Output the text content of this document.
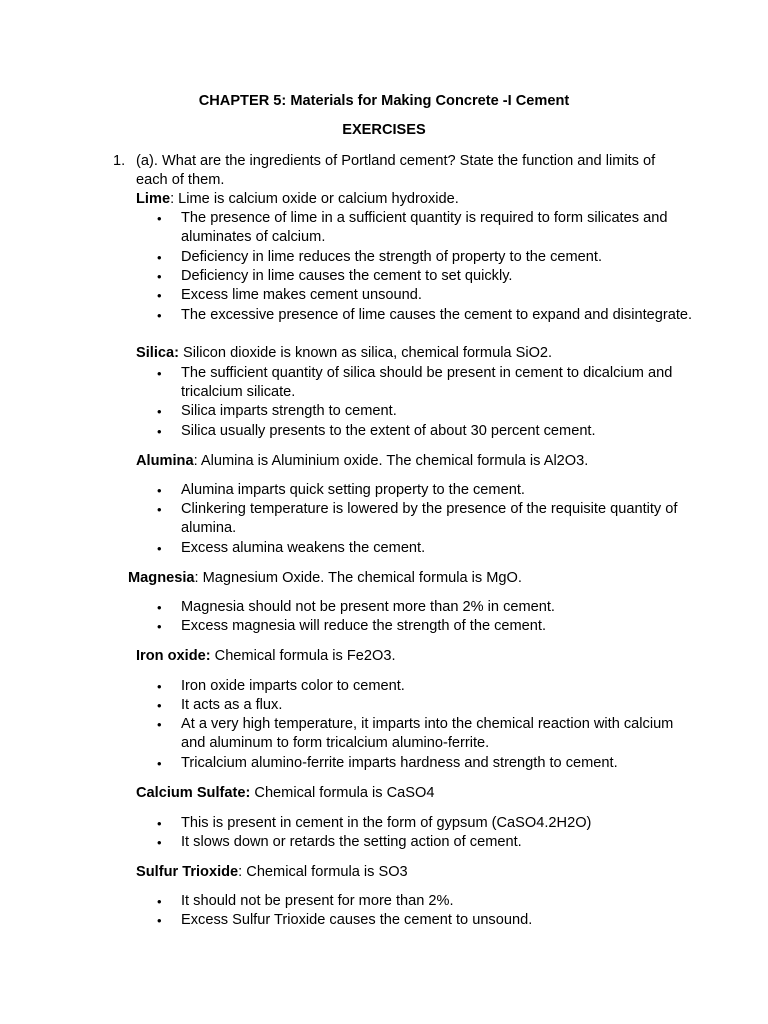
CHAPTER 5: Materials for Making Concrete -I Cement
EXERCISES
1. (a). What are the ingredients of Portland cement? State the function and limits of
each of them.
Lime: Lime is calcium oxide or calcium hydroxide.
• The presence of lime in a sufficient quantity is required to form silicates and aluminates of calcium.
• Deficiency in lime reduces the strength of property to the cement.
• Deficiency in lime causes the cement to set quickly.
• Excess lime makes cement unsound.
• The excessive presence of lime causes the cement to expand and disintegrate.
Silica: Silicon dioxide is known as silica, chemical formula SiO2.
• The sufficient quantity of silica should be present in cement to dicalcium and tricalcium silicate.
• Silica imparts strength to cement.
• Silica usually presents to the extent of about 30 percent cement.
Alumina: Alumina is Aluminium oxide. The chemical formula is Al2O3.
• Alumina imparts quick setting property to the cement.
• Clinkering temperature is lowered by the presence of the requisite quantity of alumina.
• Excess alumina weakens the cement.
Magnesia: Magnesium Oxide. The chemical formula is MgO.
• Magnesia should not be present more than 2% in cement.
• Excess magnesia will reduce the strength of the cement.
Iron oxide: Chemical formula is Fe2O3.
• Iron oxide imparts color to cement.
• It acts as a flux.
• At a very high temperature, it imparts into the chemical reaction with calcium and aluminum to form tricalcium alumino-ferrite.
• Tricalcium alumino-ferrite imparts hardness and strength to cement.
Calcium Sulfate: Chemical formula is CaSO4
• This is present in cement in the form of gypsum (CaSO4.2H2O)
• It slows down or retards the setting action of cement.
Sulfur Trioxide: Chemical formula is SO3
• It should not be present for more than 2%.
• Excess Sulfur Trioxide causes the cement to unsound.
